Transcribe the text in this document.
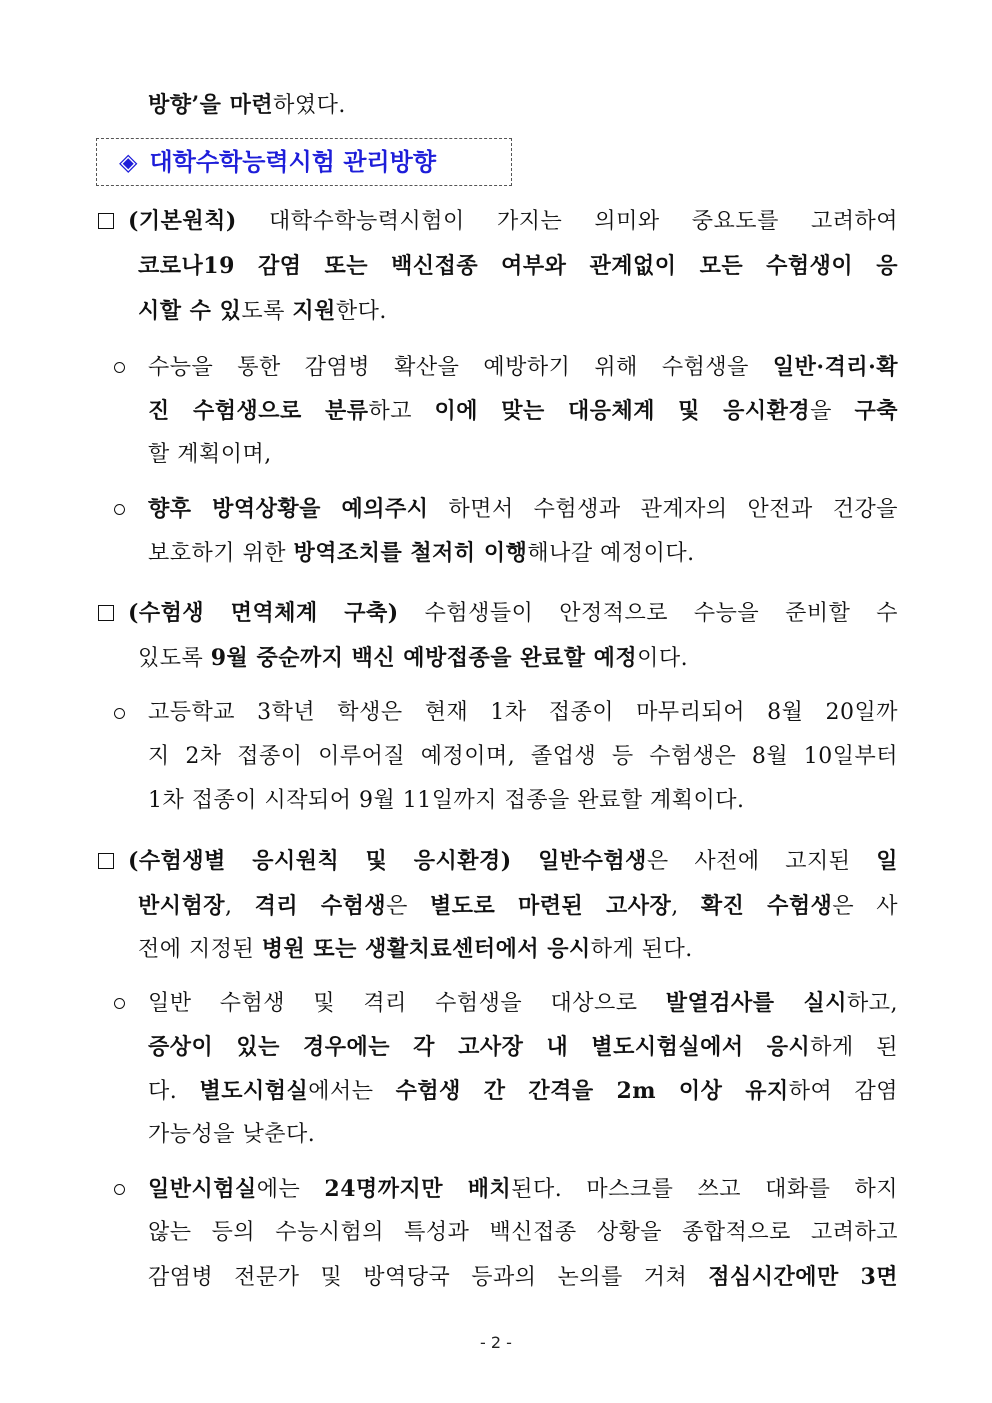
방향’을 마련하였다.
◈ 대학수학능력시험 관리방향
(기본원칙) 대학수학능력시험이 가지는 의미와 중요도를 고려하여
코로나19 감염 또는 백신접종 여부와 관계없이 모든 수험생이 응
시할 수 있도록 지원한다.
수능을 통한 감염병 확산을 예방하기 위해 수험생을 일반·격리·확
진 수험생으로 분류하고 이에 맞는 대응체계 및 응시환경을 구축
할 계획이며,
향후 방역상황을 예의주시 하면서 수험생과 관계자의 안전과 건강을
보호하기 위한 방역조치를 철저히 이행해나갈 예정이다.
(수험생 면역체계 구축) 수험생들이 안정적으로 수능을 준비할 수
있도록 9월 중순까지 백신 예방접종을 완료할 예정이다.
고등학교 3학년 학생은 현재 1차 접종이 마무리되어 8월 20일까
지 2차 접종이 이루어질 예정이며, 졸업생 등 수험생은 8월 10일부터
1차 접종이 시작되어 9월 11일까지 접종을 완료할 계획이다.
(수험생별 응시원칙 및 응시환경) 일반수험생은 사전에 고지된 일
반시험장, 격리 수험생은 별도로 마련된 고사장, 확진 수험생은 사
전에 지정된 병원 또는 생활치료센터에서 응시하게 된다.
일반 수험생 및 격리 수험생을 대상으로 발열검사를 실시하고,
증상이 있는 경우에는 각 고사장 내 별도시험실에서 응시하게 된
다. 별도시험실에서는 수험생 간 간격을 2m 이상 유지하여 감염
가능성을 낮춘다.
일반시험실에는 24명까지만 배치된다. 마스크를 쓰고 대화를 하지
않는 등의 수능시험의 특성과 백신접종 상황을 종합적으로 고려하고
감염병 전문가 및 방역당국 등과의 논의를 거쳐 점심시간에만 3면
- 2 -
